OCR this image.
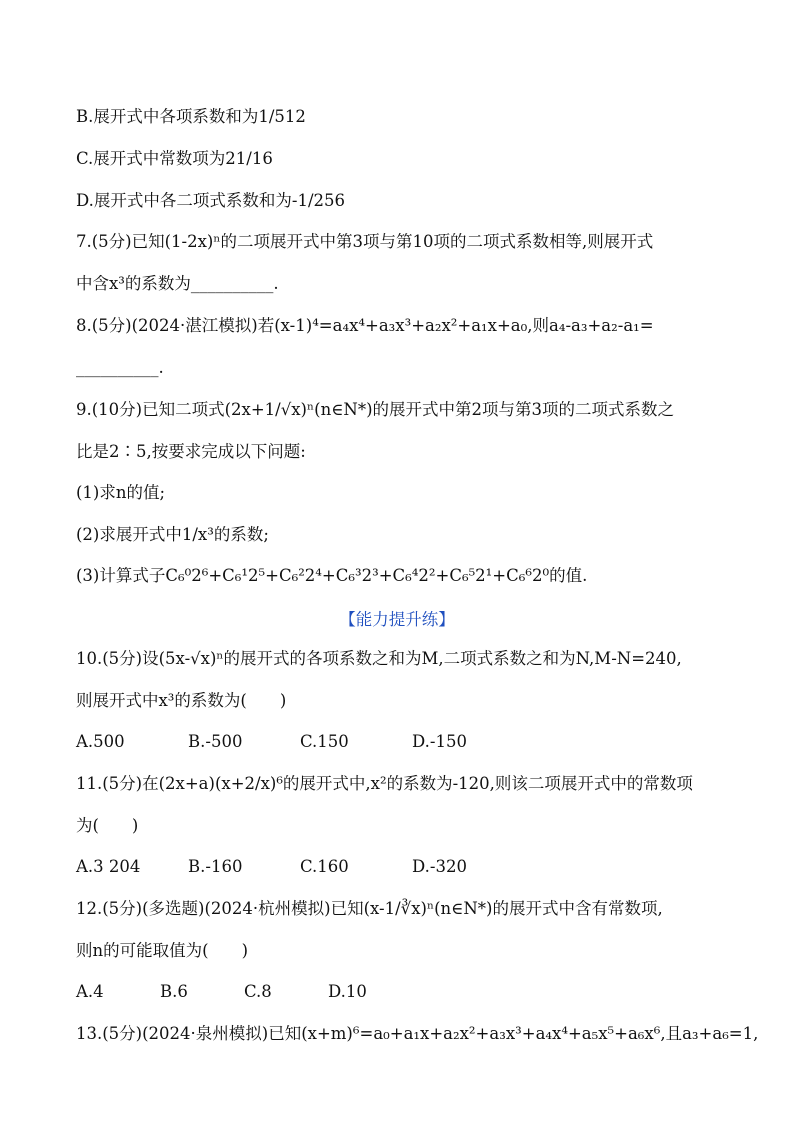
B.展开式中各项系数和为1/512
C.展开式中常数项为21/16
D.展开式中各二项式系数和为-1/256
7.(5分)已知(1-2x)ⁿ的二项展开式中第3项与第10项的二项式系数相等,则展开式
中含x³的系数为__________.
8.(5分)(2024·湛江模拟)若(x-1)⁴=a₄x⁴+a₃x³+a₂x²+a₁x+a₀,则a₄-a₃+a₂-a₁=
__________.
9.(10分)已知二项式(2x+1/√x)ⁿ(n∈N*)的展开式中第2项与第3项的二项式系数之
比是2∶5,按要求完成以下问题:
(1)求n的值;
(2)求展开式中1/x³的系数;
(3)计算式子C₆⁰2⁶+C₆¹2⁵+C₆²2⁴+C₆³2³+C₆⁴2²+C₆⁵2¹+C₆⁶2⁰的值.
【能力提升练】
10.(5分)设(5x-√x)ⁿ的展开式的各项系数之和为M,二项式系数之和为N,M-N=240,
则展开式中x³的系数为(　　)
A.500	B.-500	C.150	D.-150
11.(5分)在(2x+a)(x+2/x)⁶的展开式中,x²的系数为-120,则该二项展开式中的常数项
为(　　)
A.3 204	B.-160	C.160	D.-320
12.(5分)(多选题)(2024·杭州模拟)已知(x-1/∛x)ⁿ(n∈N*)的展开式中含有常数项,
则n的可能取值为(　　)
A.4	B.6	C.8	D.10
13.(5分)(2024·泉州模拟)已知(x+m)⁶=a₀+a₁x+a₂x²+a₃x³+a₄x⁴+a₅x⁵+a₆x⁶,且a₃+a₆=1,
